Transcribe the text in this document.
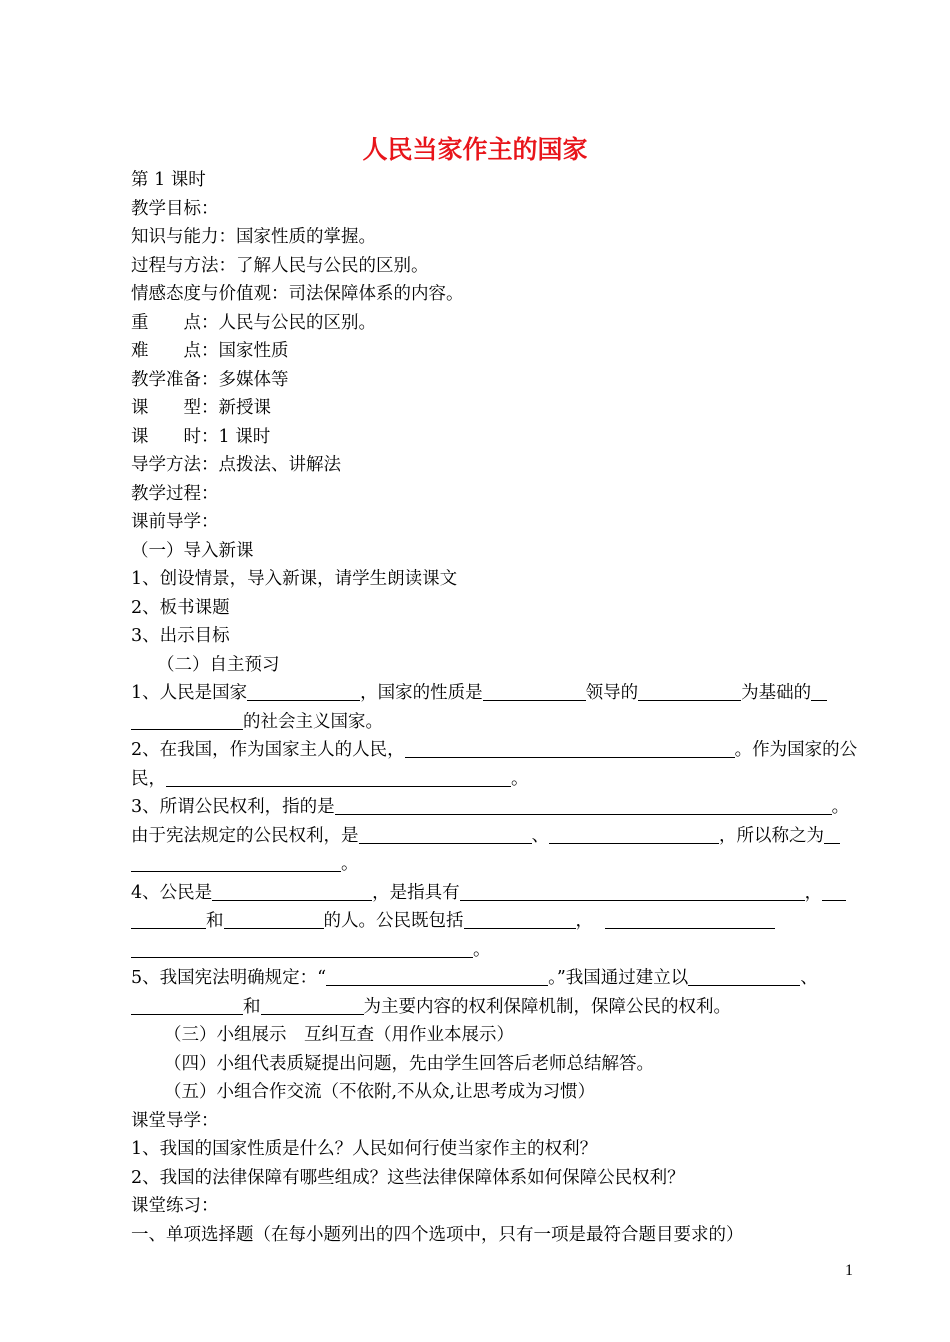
人民当家作主的国家
第 1 课时
教学目标：
知识与能力：国家性质的掌握。
过程与方法：了解人民与公民的区别。
情感态度与价值观：司法保障体系的内容。
重　　点：人民与公民的区别。
难　　点：国家性质
教学准备：多媒体等
课　　型：新授课
课　　时：1 课时
导学方法：点拨法、讲解法
教学过程：
课前导学：
（一）导入新课
1、创设情景，导入新课，请学生朗读课文
2、板书课题
3、出示目标
（二）自主预习
1、人民是国家	，国家的性质是	领导的	为基础的
的社会主义国家。
2、在我国，作为国家主人的人民，	。作为国家的公
民，	。
3、所谓公民权利，指的是	。
由于宪法规定的公民权利，是	、	，所以称之为
。
4、公民是	，是指具有	，
和	的人。公民既包括	，
。
5、我国宪法明确规定：“	。”我国通过建立以	、
和	为主要内容的权利保障机制，保障公民的权利。
（三）小组展示　互纠互查（用作业本展示）
（四）小组代表质疑提出问题，先由学生回答后老师总结解答。
（五）小组合作交流（不依附,不从众,让思考成为习惯）
课堂导学：
1、我国的国家性质是什么？人民如何行使当家作主的权利？
2、我国的法律保障有哪些组成？这些法律保障体系如何保障公民权利？
课堂练习：
一、单项选择题（在每小题列出的四个选项中，只有一项是最符合题目要求的）
1
